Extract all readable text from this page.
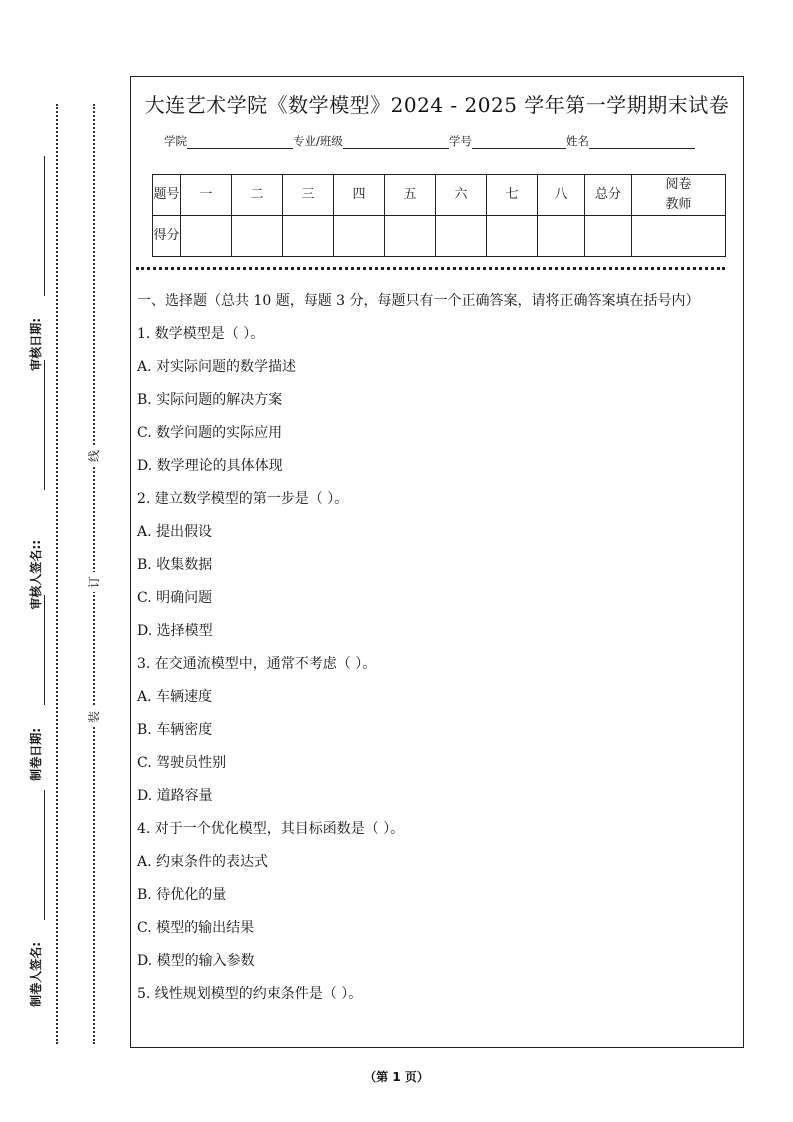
审核日期:
审核人签名::
制卷日期:
制卷人签名:
线
订
装
大连艺术学院《数学模型》2024 - 2025 学年第一学期期末试卷
学院	专业/班级	学号	姓名
题号	一	二	三	四	五	六	七	八	总分	阅卷教师

得分										

一、选择题（总共 10 题，每题 3 分，每题只有一个正确答案，请将正确答案填在括号内）

1. 数学模型是（ ）。
A. 对实际问题的数学描述
B. 实际问题的解决方案
C. 数学问题的实际应用
D. 数学理论的具体体现
2. 建立数学模型的第一步是（ ）。
A. 提出假设
B. 收集数据
C. 明确问题
D. 选择模型
3. 在交通流模型中，通常不考虑（ ）。
A. 车辆速度
B. 车辆密度
C. 驾驶员性别
D. 道路容量
4. 对于一个优化模型，其目标函数是（ ）。
A. 约束条件的表达式
B. 待优化的量
C. 模型的输出结果
D. 模型的输入参数
5. 线性规划模型的约束条件是（ ）。
（第 1 页）
